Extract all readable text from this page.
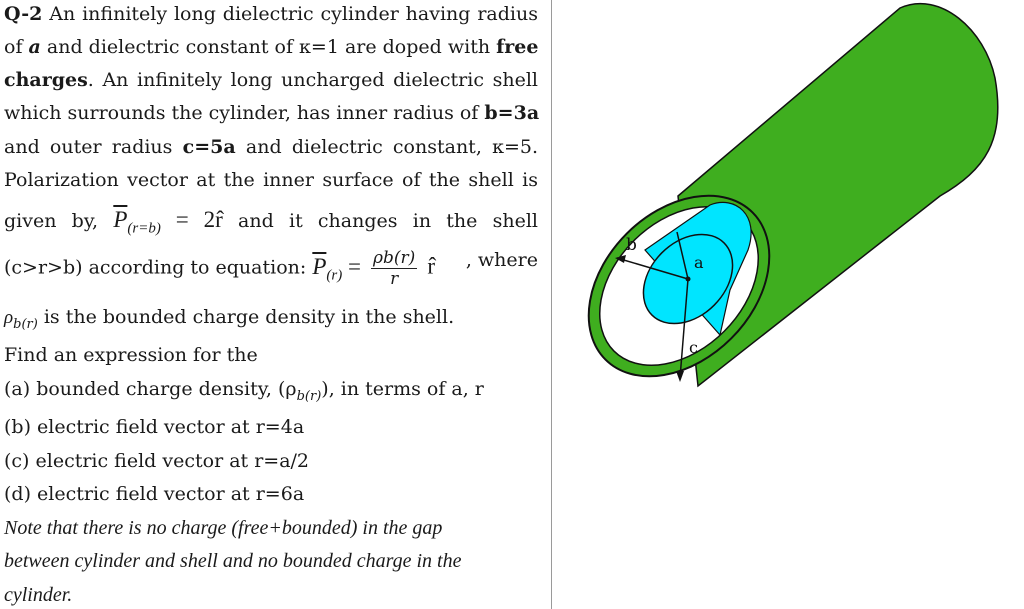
Q-2 An infinitely long dielectric cylinder having radius
of a and dielectric constant of κ=1 are doped with free
charges. An infinitely long uncharged dielectric shell
which surrounds the cylinder, has inner radius of b=3a
and outer radius c=5a and dielectric constant, κ=5.
Polarization vector at the inner surface of the shell is
given by, $\overline{P}_{(r=b)}$ = 2r̂ and it changes in the shell
(c>r>b) according to equation: $\overline{P}_{(r)} = \frac{\rho b(r)}{r}$ r̂ , where
$\rho_{b(r)}$ is the bounded charge density in the shell.
Find an expression for the
(a) bounded charge density, $(\rho_{b(r)})$, in terms of a, r
(b) electric field vector at r=4a
(c) electric field vector at r=a/2
(d) electric field vector at r=6a
Note that there is no charge (free+bounded) in the gap
between cylinder and shell and no bounded charge in the
cylinder.
b
a
c
